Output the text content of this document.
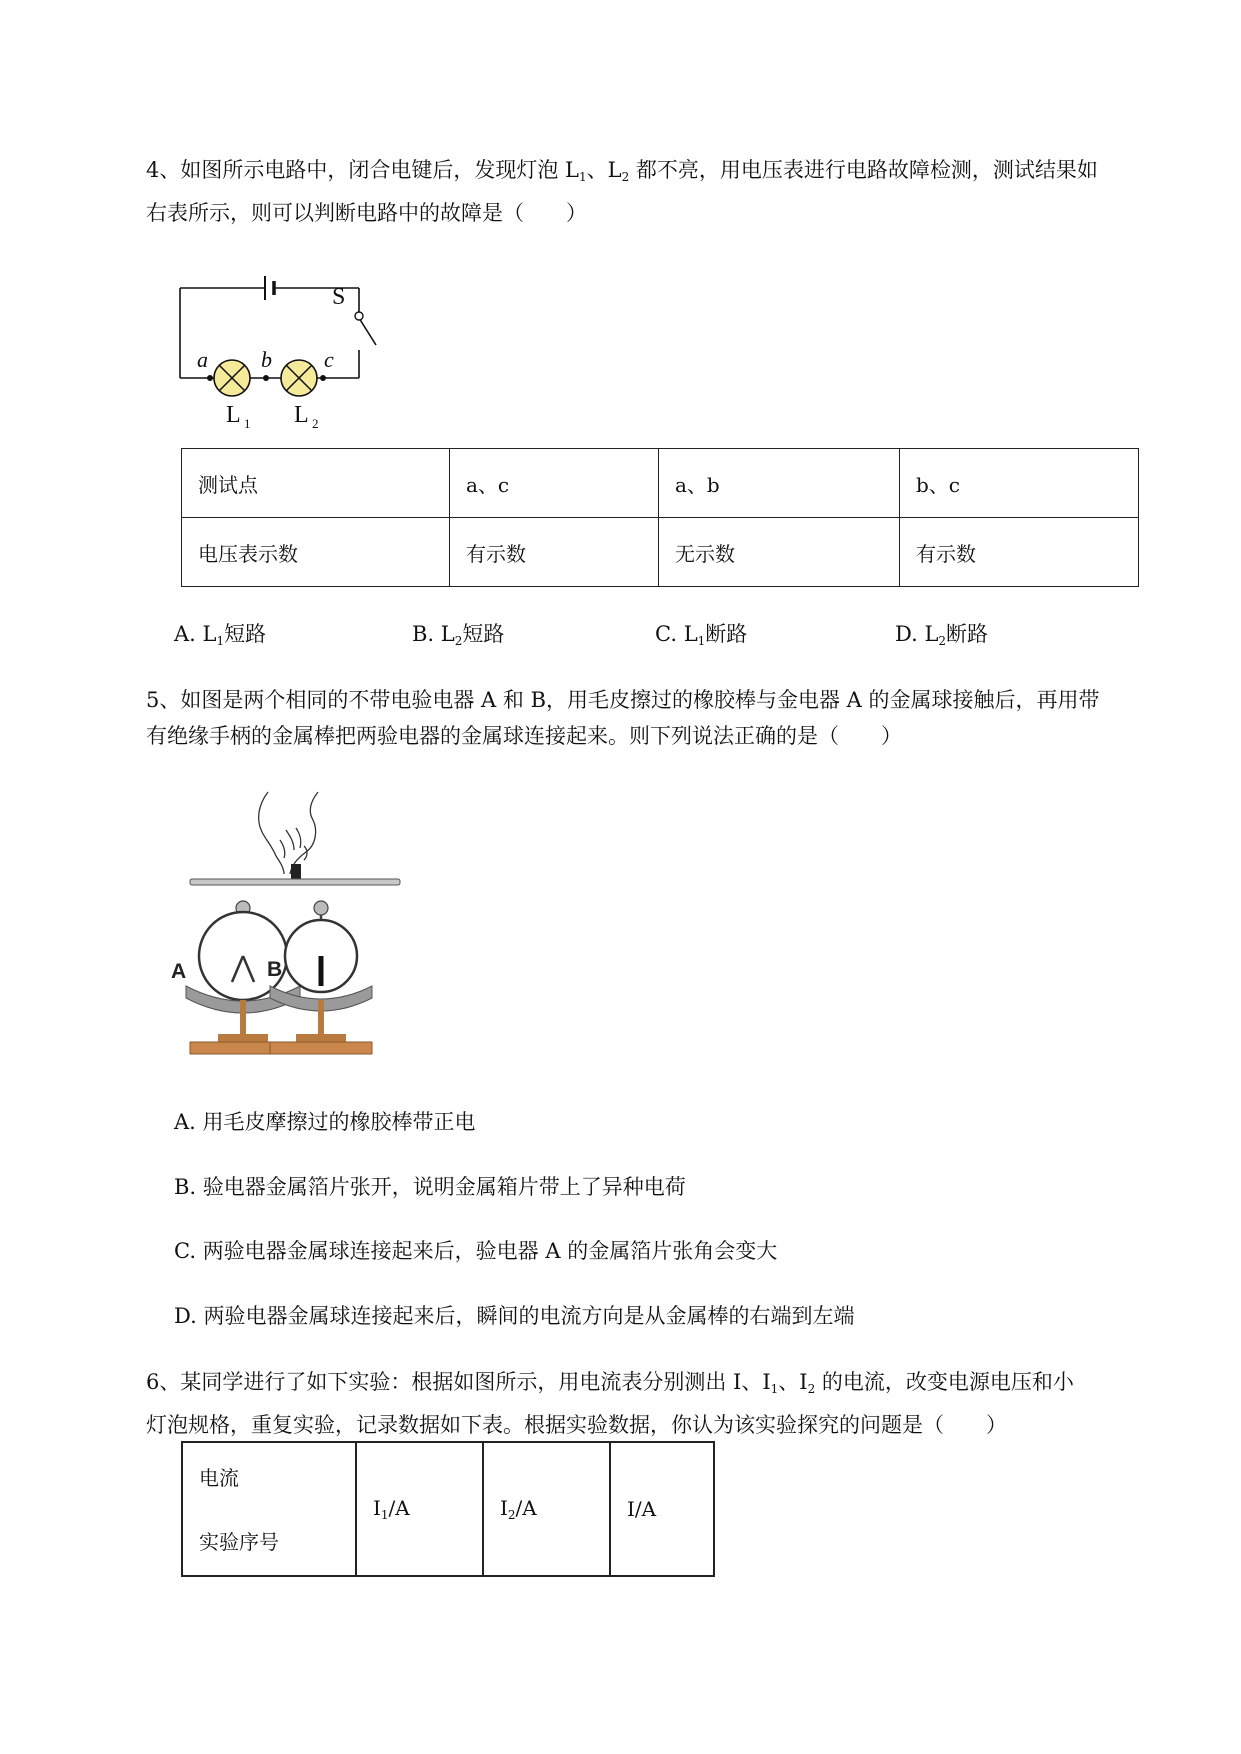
4、如图所示电路中，闭合电键后，发现灯泡 $L_1$、$L_2$ 都不亮，用电压表进行电路故障检测，测试结果如

右表所示，则可以判断电路中的故障是（　　）

S
a b c
L 1 L 2
测试点	a、c	a、b	b、c
电压表示数	有示数	无示数	有示数
A. $L_1$短路	B. $L_2$短路	C. $L_1$断路	D. $L_2$断路

5、如图是两个相同的不带电验电器 A 和 B，用毛皮擦过的橡胶棒与金电器 A 的金属球接触后，再用带

有绝缘手柄的金属棒把两验电器的金属球连接起来。则下列说法正确的是（　　）

A	B
A. 用毛皮摩擦过的橡胶棒带正电
B. 验电器金属箔片张开，说明金属箱片带上了异种电荷
C. 两验电器金属球连接起来后，验电器 A 的金属箔片张角会变大
D. 两验电器金属球连接起来后，瞬间的电流方向是从金属棒的右端到左端

6、某同学进行了如下实验：根据如图所示，用电流表分别测出 I、$I_1$、$I_2$ 的电流，改变电源电压和小

灯泡规格，重复实验，记录数据如下表。根据实验数据，你认为该实验探究的问题是（　　）

电流
实验序号
	$I_1/A$	$I_2/A$	I/A
